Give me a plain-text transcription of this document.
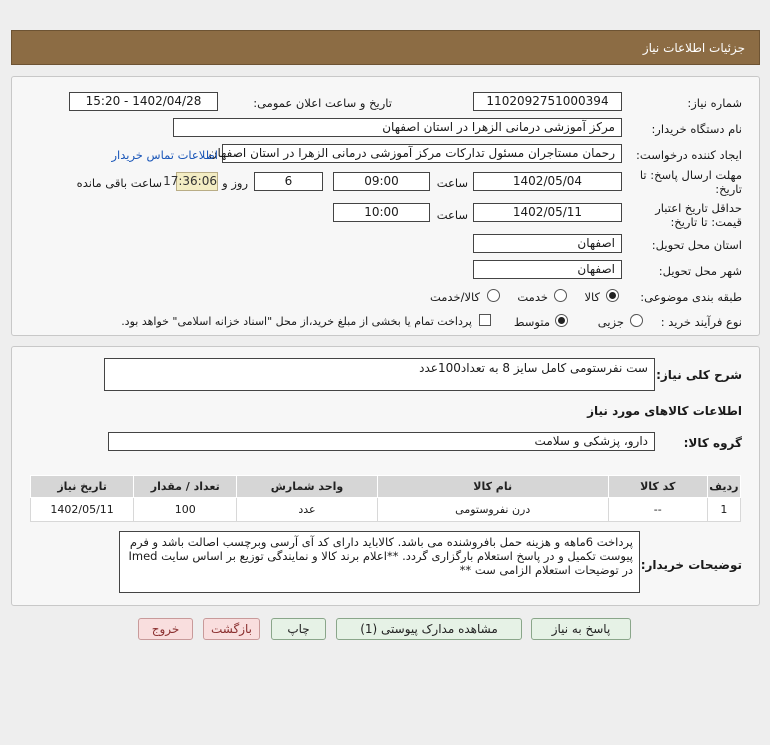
جزئیات اطلاعات نیاز
شماره نیاز:
1102092751000394
تاریخ و ساعت اعلان عمومی:
1402/04/28 - 15:20
نام دستگاه خریدار:
مرکز آموزشی درمانی الزهرا در استان اصفهان
ایجاد کننده درخواست:
رحمان مستاجران مسئول تدارکات مرکز آموزشی درمانی الزهرا در استان اصفهان
اطلاعات تماس خریدار
مهلت ارسال پاسخ: تا
تاریخ:
1402/05/04
ساعت
09:00
6
روز و
17:36:06
ساعت باقی مانده
حداقل تاریخ اعتبار
قیمت: تا تاریخ:
1402/05/11
ساعت
10:00
استان محل تحویل:
اصفهان
شهر محل تحویل:
اصفهان
طبقه بندی موضوعی:
کالا
خدمت
کالا/خدمت
نوع فرآیند خرید :
جزیی
متوسط
پرداخت تمام یا بخشی از مبلغ خرید،از محل "اسناد خزانه اسلامی" خواهد بود.
شرح کلی نیاز:
ست نفرستومی کامل سایز 8 به تعداد100عدد
اطلاعات کالاهای مورد نیاز
گروه کالا:
دارو، پزشکی و سلامت
ردیف	کد کالا	نام کالا	واحد شمارش	تعداد / مقدار	تاریخ نیاز
1	--	درن نفروستومی	عدد	100	1402/05/11
توضیحات خریدار:
پرداخت 6ماهه و هزینه حمل بافروشنده می باشد. کالاباید دارای کد آی آرسی وبرچسب اصالت باشد و فرم پیوست تکمیل و در پاسخ استعلام بارگزاری گردد. **اعلام برند کالا و نمایندگی توزیع بر اساس سایت Imed در توضیحات استعلام الزامی ست **
پاسخ به نیاز
مشاهده مدارک پیوستی (1)
چاپ
بازگشت
خروج
